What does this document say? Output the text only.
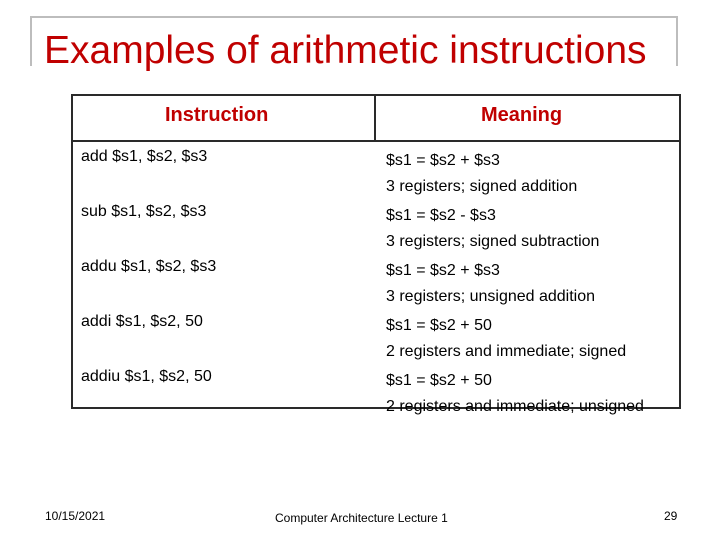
Instruction	Meaning
add $s1, $s2, $s3	$s1 = $s2 + $s3
3 registers; signed addition
sub $s1, $s2, $s3	$s1 = $s2 - $s3
3 registers; signed subtraction
addu $s1, $s2, $s3	$s1 = $s2 + $s3
3 registers; unsigned addition
addi $s1, $s2, 50	$s1 = $s2 + 50
2 registers and immediate; signed
addiu $s1, $s2, 50	$s1 = $s2 + 50
2 registers and immediate; unsigned
Examples of arithmetic instructions
10/15/2021	Computer Architecture Lecture 1	29
